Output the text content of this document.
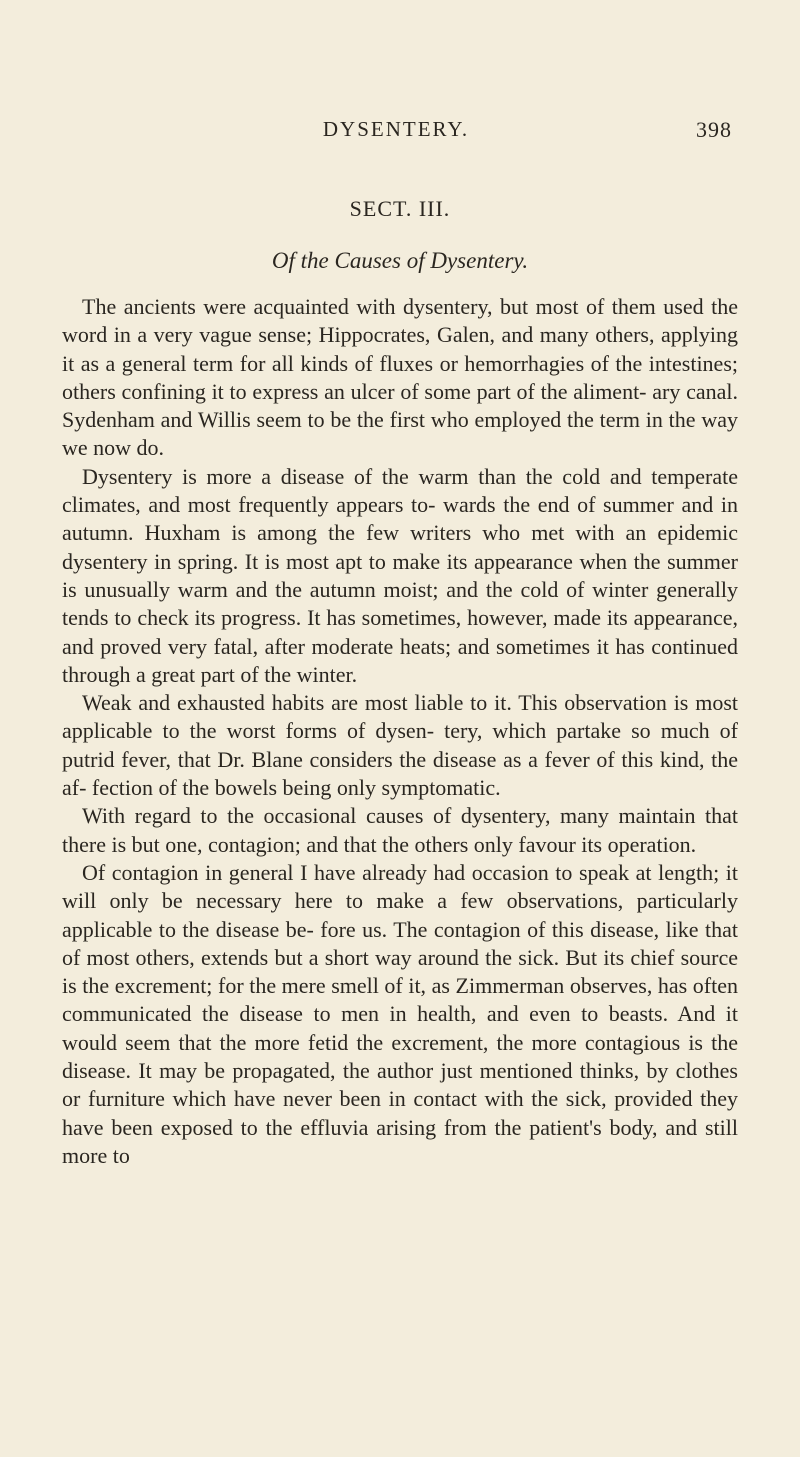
DYSENTERY.	398
SECT. III.
Of the Causes of Dysentery.

The ancients were acquainted with dysentery, but most of them used the word in a very vague sense; Hippocrates, Galen, and many others, applying it as a general term for all kinds of fluxes or hemorrhagies of the intestines; others confining it to express an ulcer of some part of the aliment- ary canal. Sydenham and Willis seem to be the first who employed the term in the way we now do.

Dysentery is more a disease of the warm than the cold and temperate climates, and most frequently appears to- wards the end of summer and in autumn. Huxham is among the few writers who met with an epidemic dysentery in spring. It is most apt to make its appearance when the summer is unusually warm and the autumn moist; and the cold of winter generally tends to check its progress. It has sometimes, however, made its appearance, and proved very fatal, after moderate heats; and sometimes it has continued through a great part of the winter.

Weak and exhausted habits are most liable to it. This observation is most applicable to the worst forms of dysen- tery, which partake so much of putrid fever, that Dr. Blane considers the disease as a fever of this kind, the af- fection of the bowels being only symptomatic.

With regard to the occasional causes of dysentery, many maintain that there is but one, contagion; and that the others only favour its operation.

Of contagion in general I have already had occasion to speak at length; it will only be necessary here to make a few observations, particularly applicable to the disease be- fore us. The contagion of this disease, like that of most others, extends but a short way around the sick. But its chief source is the excrement; for the mere smell of it, as Zimmerman observes, has often communicated the disease to men in health, and even to beasts. And it would seem that the more fetid the excrement, the more contagious is the disease. It may be propagated, the author just mentioned thinks, by clothes or furniture which have never been in contact with the sick, provided they have been exposed to the effluvia arising from the patient's body, and still more to
